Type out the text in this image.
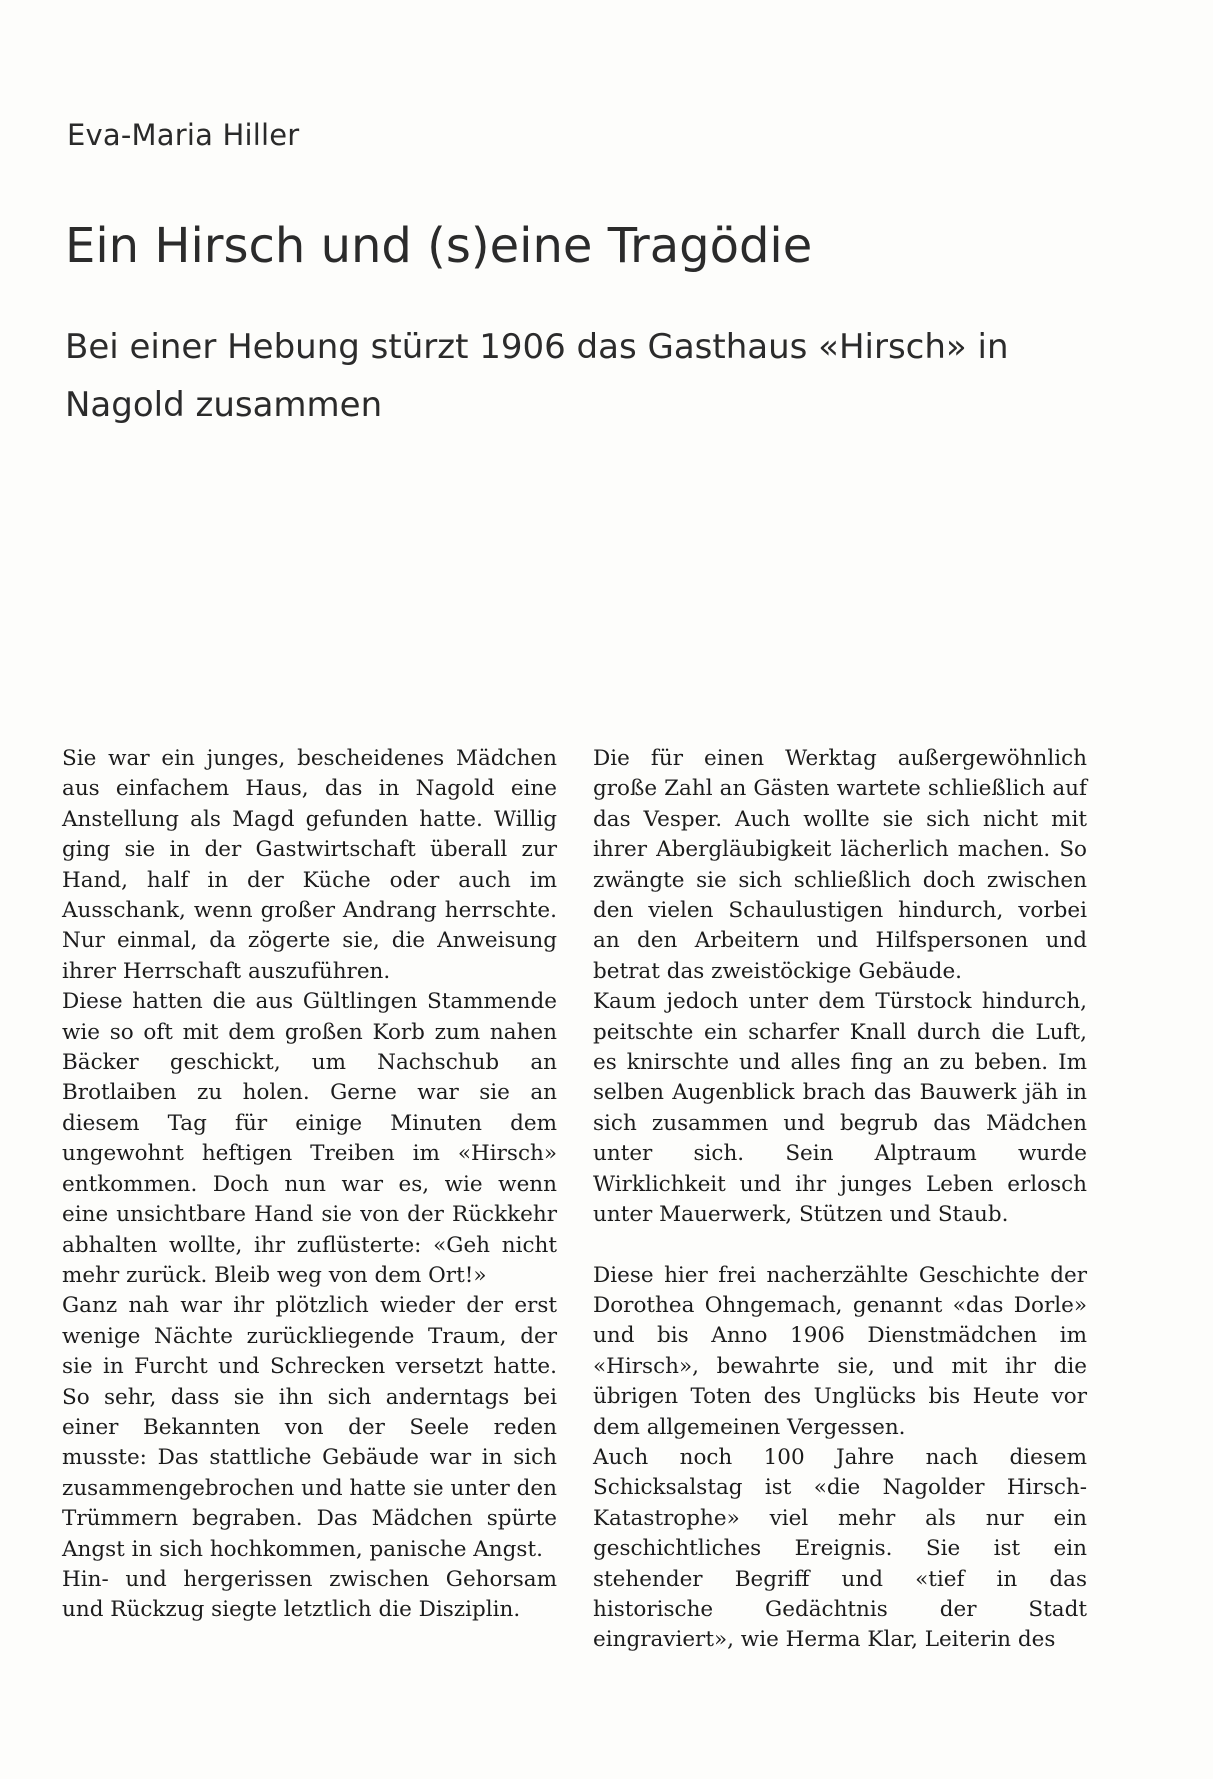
Eva-Maria Hiller
Ein Hirsch und (s)eine Tragödie
Bei einer Hebung stürzt 1906 das Gasthaus «Hirsch» in Nagold zusammen

Sie war ein junges, bescheidenes Mädchen aus einfachem Haus, das in Nagold eine Anstellung als Magd gefunden hatte. Willig ging sie in der Gastwirtschaft überall zur Hand, half in der Küche oder auch im Ausschank, wenn großer Andrang herrschte. Nur einmal, da zögerte sie, die Anweisung ihrer Herrschaft auszuführen.

Diese hatten die aus Gültlingen Stammende wie so oft mit dem großen Korb zum nahen Bäcker geschickt, um Nachschub an Brotlaiben zu holen. Gerne war sie an diesem Tag für einige Minuten dem ungewohnt heftigen Treiben im «Hirsch» entkommen. Doch nun war es, wie wenn eine unsichtbare Hand sie von der Rückkehr abhalten wollte, ihr zuflüsterte: «Geh nicht mehr zurück. Bleib weg von dem Ort!»

Ganz nah war ihr plötzlich wieder der erst wenige Nächte zurückliegende Traum, der sie in Furcht und Schrecken versetzt hatte. So sehr, dass sie ihn sich anderntags bei einer Bekannten von der Seele reden musste: Das stattliche Gebäude war in sich zusammengebrochen und hatte sie unter den Trümmern begraben. Das Mädchen spürte Angst in sich hochkommen, panische Angst.

Hin- und hergerissen zwischen Gehorsam und Rückzug siegte letztlich die Disziplin.

Die für einen Werktag außergewöhnlich große Zahl an Gästen wartete schließlich auf das Vesper. Auch wollte sie sich nicht mit ihrer Abergläubigkeit lächerlich machen. So zwängte sie sich schließlich doch zwischen den vielen Schaulustigen hindurch, vorbei an den Arbeitern und Hilfspersonen und betrat das zweistöckige Gebäude.

Kaum jedoch unter dem Türstock hindurch, peitschte ein scharfer Knall durch die Luft, es knirschte und alles fing an zu beben. Im selben Augenblick brach das Bauwerk jäh in sich zusammen und begrub das Mädchen unter sich. Sein Alptraum wurde Wirklichkeit und ihr junges Leben erlosch unter Mauerwerk, Stützen und Staub.

Diese hier frei nacherzählte Geschichte der Dorothea Ohngemach, genannt «das Dorle» und bis Anno 1906 Dienstmädchen im «Hirsch», bewahrte sie, und mit ihr die übrigen Toten des Unglücks bis Heute vor dem allgemeinen Vergessen.

Auch noch 100 Jahre nach diesem Schicksalstag ist «die Nagolder Hirsch-Katastrophe» viel mehr als nur ein geschichtliches Ereignis. Sie ist ein stehender Begriff und «tief in das historische Gedächtnis der Stadt eingraviert», wie Herma Klar, Leiterin des
